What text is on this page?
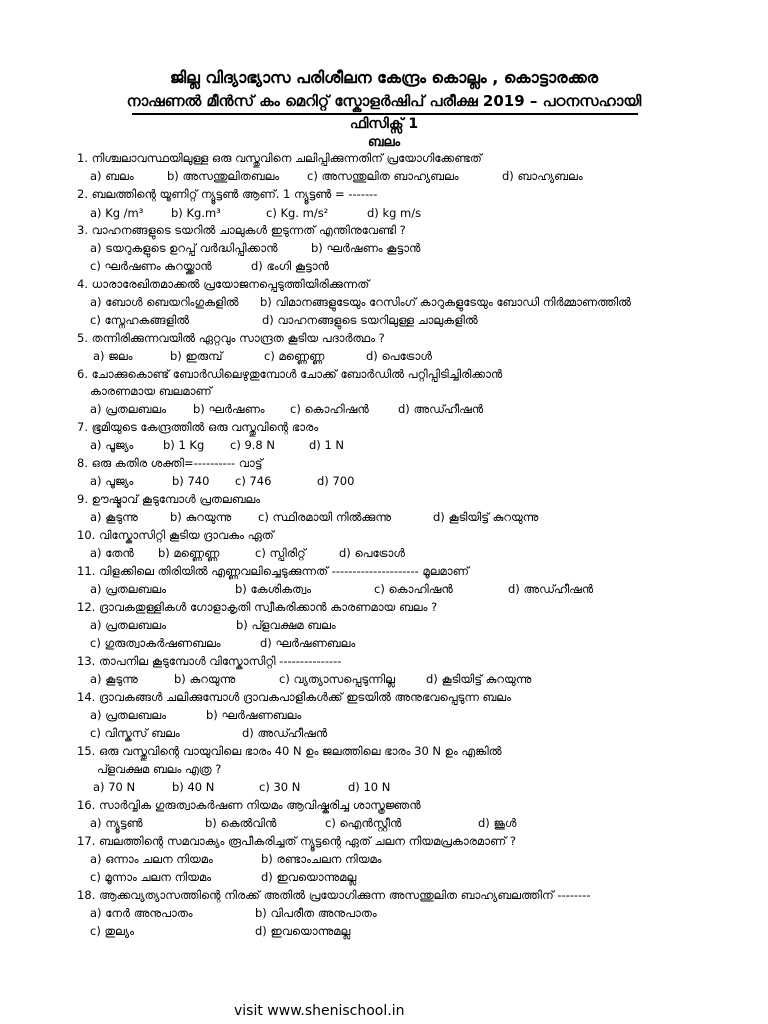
ജില്ല വിദ്യാഭ്യാസ പരിശീലന കേന്ദ്രം കൊല്ലം , കൊട്ടാരക്കര
നാഷണൽ മീൻസ് കം മെറിറ്റ് സ്കോളർഷിപ് പരീക്ഷ 2019 – പഠനസഹായി
ഫിസിക്സ് 1
ബലം
1. നിശ്ചലാവസ്ഥയിലുള്ള ഒരു വസ്തുവിനെ ചലിപ്പിക്കുന്നതിന് പ്രയോഗിക്കേണ്ടത്
a) ബലം	b) അസന്തുലിതബലം c) അസന്തുലിത ബാഹ്യബലം	d) ബാഹ്യബലം
2. ബലത്തിന്റെ യൂണിറ്റ് ന്യൂട്ടൺ ആണ്. 1 ന്യൂട്ടൺ = -------
a) Kg /m³ b) Kg.m³	c) Kg. m/s²	d) kg m/s
3. വാഹനങ്ങളുടെ ടയറിൽ ചാലുകൾ ഇടുന്നത് എന്തിനുവേണ്ടി ?
a) ടയറുകളുടെ ഉറപ്പ് വർദ്ധിപ്പിക്കാൻ	b) ഘർഷണം കൂട്ടാൻ
c) ഘർഷണം കുറയ്ക്കാൻ	d) ഭംഗി കൂട്ടാൻ
4. ധാരാരേഖിതമാക്കൽ പ്രയോജനപ്പെടുത്തിയിരിക്കുന്നത്
a) ബോൾ ബെയറിംഗുകളിൽ b) വിമാനങ്ങളുടേയും റേസിംഗ് കാറുകളുടേയും ബോഡി നിർമ്മാണത്തിൽ
c) സ്നേഹകങ്ങളിൽ	d) വാഹനങ്ങളുടെ ടയറിലുള്ള ചാലുകളിൽ
5. തന്നിരിക്കുന്നവയിൽ ഏറ്റവും സാന്ദ്രത കൂടിയ പദാർത്ഥം ?
a) ജലം	b) ഇരുമ്പ്	c) മണ്ണെണ്ണ	d) പെട്രോൾ
6. ചോക്കുകൊണ്ട് ബോർഡിലെഴുതുമ്പോൾ ചോക്ക് ബോർഡിൽ പറ്റിപ്പിടിച്ചിരിക്കാൻ
കാരണമായ ബലമാണ്
a) പ്രതലബലം b) ഘർഷണം c) കൊഹിഷൻ	d) അഡ്ഹീഷൻ
7. ഭൂമിയുടെ കേന്ദ്രത്തിൽ ഒരു വസ്തുവിന്റെ ഭാരം
a) പൂജ്യം	b) 1 Kg c) 9.8 N	d) 1 N
8. ഒരു കതിര ശക്തി=---------- വാട്ട്
a) പൂജ്യം	b) 740 c) 746	d) 700
9. ഊഷ്മാവ് കൂടുമ്പോൾ പ്രതലബലം
a) കൂടുന്നു	b) കുറയുന്നു c) സ്ഥിരമായി നിൽക്കുന്നു	d) കൂടിയിട്ട് കുറയുന്നു
10. വിസ്കോസിറ്റി കൂടിയ ദ്രാവകം ഏത്
a) തേൻ b) മണ്ണെണ്ണ	c) സ്പിരിറ്റ്	d) പെട്രോൾ
11. വിളക്കിലെ തിരിയിൽ എണ്ണവലിച്ചെടുക്കുന്നത് --------------------- മൂലമാണ്
a) പ്രതലബലം	b) കേശികത്വം	c) കൊഹിഷൻ	d) അഡ്ഹീഷൻ
12. ദ്രാവകതുള്ളികൾ ഗോളാകൃതി സ്വീകരിക്കാൻ കാരണമായ ബലം ?
a) പ്രതലബലം	b) പ്ളവക്ഷമ ബലം
c) ഗുരുത്വാകർഷണബലം	d) ഘർഷണബലം
13. താപനില കൂടുമ്പോൾ വിസ്കോസിറ്റി ---------------
a) കൂടുന്നു	b) കുറയുന്നു	c) വ്യത്യാസപ്പെടുന്നില്ല	d) കൂടിയിട്ട് കുറയുന്നു
14. ദ്രാവകങ്ങൾ ചലിക്കുമ്പോൾ ദ്രാവകപാളികൾക്ക് ഇടയിൽ അനുഭവപ്പെടുന്ന ബലം
a) പ്രതലബലം	b) ഘർഷണബലം
c) വിസ്കസ് ബലം	d) അഡ്ഹീഷൻ
15. ഒരു വസ്തുവിന്റെ വായുവിലെ ഭാരം 40 N ഉം ജലത്തിലെ ഭാരം 30 N ഉം എങ്കിൽ
പ്ളവക്ഷമ ബലം എത്ര ?
a) 70 N	b) 40 N	c) 30 N	d) 10 N
16. സാർവ്വിക ഗുരുത്വാകർഷണ നിയമം ആവിഷ്കരിച്ച ശാസ്ത്രജ്ഞൻ
a) ന്യൂട്ടൺ	b) കെൽവിൻ	c) ഐൻസ്റ്റീൻ	d) ജൂൾ
17. ബലത്തിന്റെ സമവാക്യം രൂപീകരിച്ചത് ന്യൂട്ടന്റെ ഏത് ചലന നിയമപ്രകാരമാണ് ?
a) ഒന്നാം ചലന നിയമം	b) രണ്ടാംചലന നിയമം
c) മൂന്നാം ചലന നിയമം	d) ഇവയൊന്നുമല്ല
18. ആക്കവ്യത്യാസത്തിന്റെ നിരക്ക് അതിൽ പ്രയോഗിക്കുന്ന അസന്തുലിത ബാഹ്യബലത്തിന് --------
a) നേർ അനുപാതം	b) വിപരീത അനുപാതം
c) തുല്യം	d) ഇവയൊന്നുമല്ല
visit www.shenischool.in
